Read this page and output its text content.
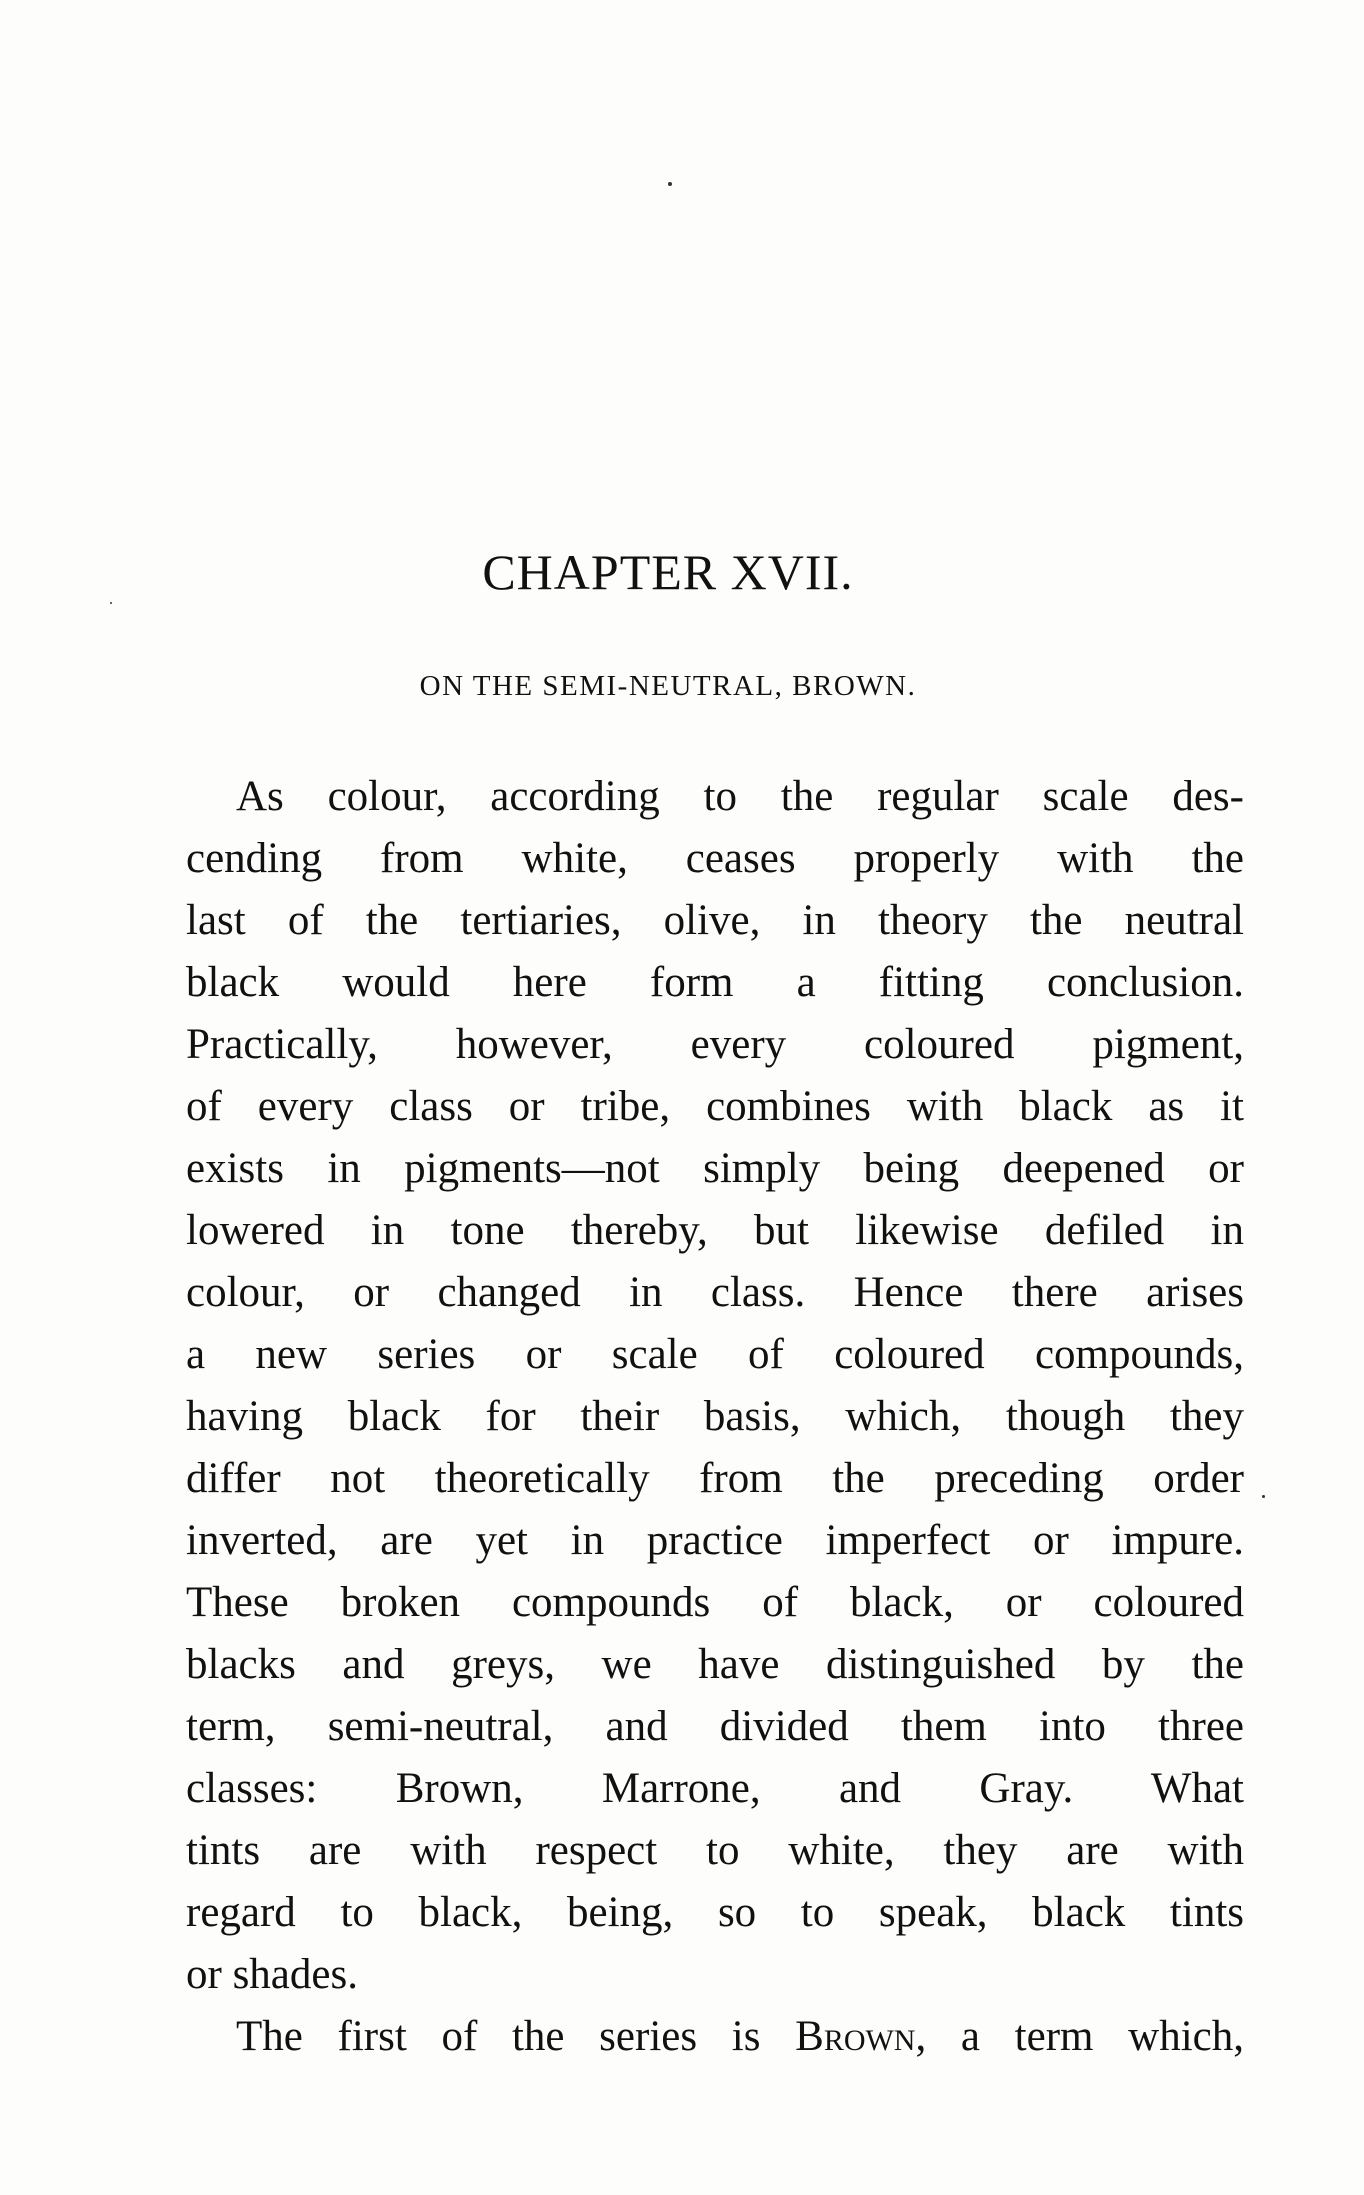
CHAPTER XVII.
ON THE SEMI-NEUTRAL, BROWN.
As colour, according to the regular scale des-
cending from white, ceases properly with the
last of the tertiaries, olive, in theory the neutral
black would here form a fitting conclusion.
Practically, however, every coloured pigment,
of every class or tribe, combines with black as it
exists in pigments—not simply being deepened or
lowered in tone thereby, but likewise defiled in
colour, or changed in class. Hence there arises
a new series or scale of coloured compounds,
having black for their basis, which, though they
differ not theoretically from the preceding order
inverted, are yet in practice imperfect or impure.
These broken compounds of black, or coloured
blacks and greys, we have distinguished by the
term, semi-neutral, and divided them into three
classes: Brown, Marrone, and Gray. What
tints are with respect to white, they are with
regard to black, being, so to speak, black tints
or shades.
The first of the series is Brown, a term which,
